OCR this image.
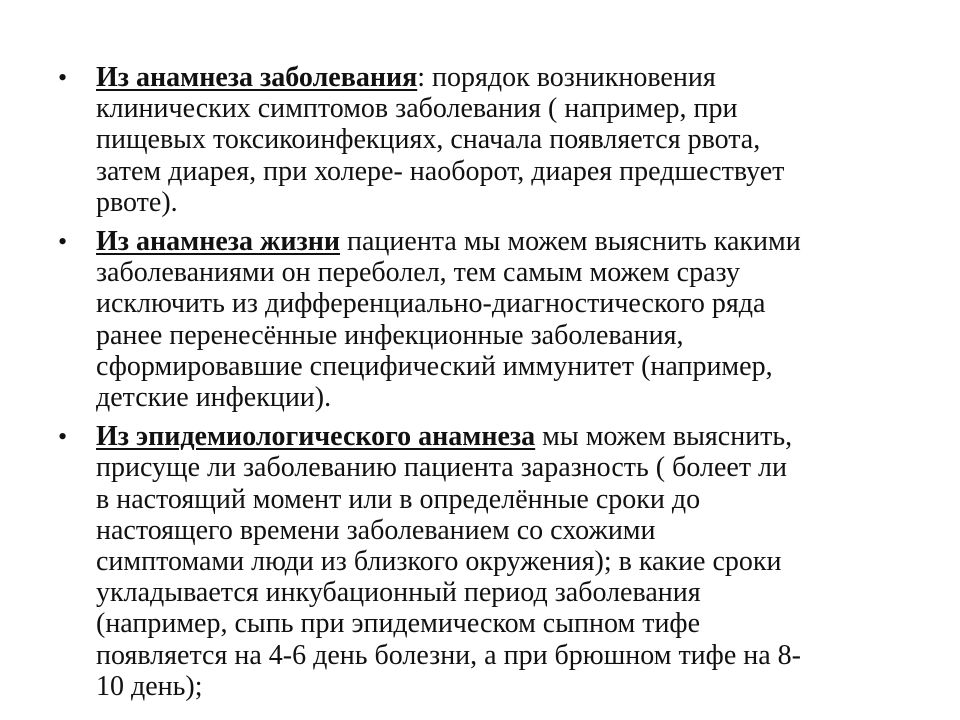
• Из анамнеза заболевания: порядок возникновения
клинических симптомов заболевания ( например, при
пищевых токсикоинфекциях, сначала появляется рвота,
затем диарея, при холере- наоборот, диарея предшествует
рвоте).
• Из анамнеза жизни пациента мы можем выяснить какими
заболеваниями он переболел, тем самым можем сразу
исключить из дифференциально-диагностического ряда
ранее перенесённые инфекционные заболевания,
сформировавшие специфический иммунитет (например,
детские инфекции).
• Из эпидемиологического анамнеза мы можем выяснить,
присуще ли заболеванию пациента заразность ( болеет ли
в настоящий момент или в определённые сроки до
настоящего времени заболеванием со схожими
симптомами люди из близкого окружения); в какие сроки
укладывается инкубационный период заболевания
(например, сыпь при эпидемическом сыпном тифе
появляется на 4-6 день болезни, а при брюшном тифе на 8-
10 день);
